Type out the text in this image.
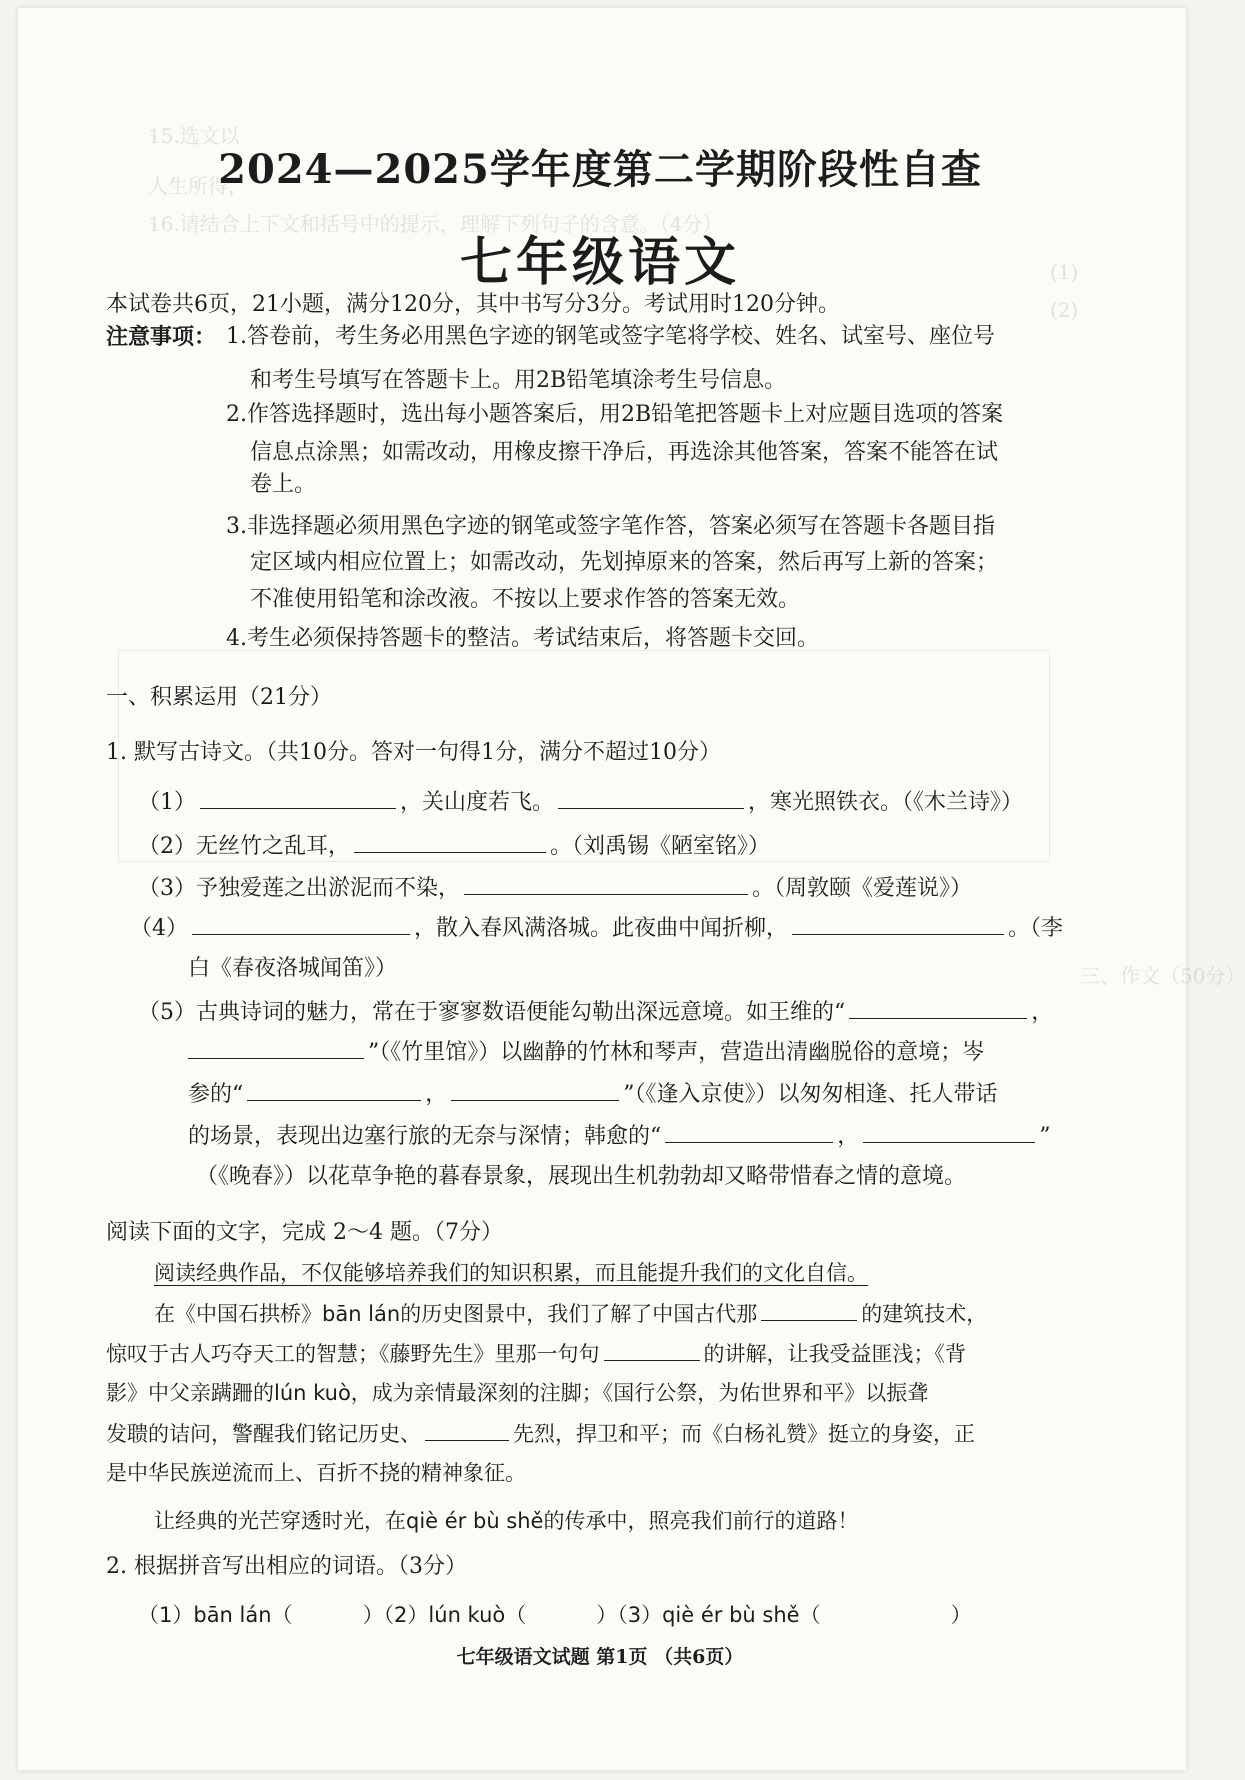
15.选文以
人生所得，
16.请结合上下文和括号中的提示，理解下列句子的含意。（4分）
(1)
(2)
三、作文（50分）
2024—2025学年度第二学期阶段性自查
七年级语文
本试卷共6页，21小题，满分120分，其中书写分3分。考试用时120分钟。
注意事项： 1.答卷前，考生务必用黑色字迹的钢笔或签字笔将学校、姓名、试室号、座位号
和考生号填写在答题卡上。用2B铅笔填涂考生号信息。
2.作答选择题时，选出每小题答案后，用2B铅笔把答题卡上对应题目选项的答案
信息点涂黑；如需改动，用橡皮擦干净后，再选涂其他答案，答案不能答在试
卷上。
3.非选择题必须用黑色字迹的钢笔或签字笔作答，答案必须写在答题卡各题目指
定区域内相应位置上；如需改动，先划掉原来的答案，然后再写上新的答案；
不准使用铅笔和涂改液。不按以上要求作答的答案无效。
4.考生必须保持答题卡的整洁。考试结束后，将答题卡交回。
一、积累运用（21分）
1. 默写古诗文。（共10分。答对一句得1分，满分不超过10分）
（1）	，关山度若飞。	，寒光照铁衣。（《木兰诗》）
（2）无丝竹之乱耳，	。（刘禹锡《陋室铭》）
（3）予独爱莲之出淤泥而不染，	。（周敦颐《爱莲说》）
（4）	，散入春风满洛城。此夜曲中闻折柳，	。（李
白《春夜洛城闻笛》）
（5）古典诗词的魅力，常在于寥寥数语便能勾勒出深远意境。如王维的“	，
”（《竹里馆》）以幽静的竹林和琴声，营造出清幽脱俗的意境；岑
参的“	，	”（《逢入京使》）以匆匆相逢、托人带话
的场景，表现出边塞行旅的无奈与深情；韩愈的“	，	”
（《晚春》）以花草争艳的暮春景象，展现出生机勃勃却又略带惜春之情的意境。
阅读下面的文字，完成 2～4 题。（7分）
阅读经典作品，不仅能够培养我们的知识积累，而且能提升我们的文化自信。
在《中国石拱桥》bān lán的历史图景中，我们了解了中国古代那	的建筑技术，
惊叹于古人巧夺天工的智慧；《藤野先生》里那一句句	的讲解，让我受益匪浅；《背
影》中父亲蹒跚的lún kuò，成为亲情最深刻的注脚；《国行公祭，为佑世界和平》以振聋
发聩的诘问，警醒我们铭记历史、	先烈，捍卫和平；而《白杨礼赞》挺立的身姿，正
是中华民族逆流而上、百折不挠的精神象征。
让经典的光芒穿透时光，在qiè ér bù shě的传承中，照亮我们前行的道路！
2. 根据拼音写出相应的词语。（3分）
（1）bān lán（	）（2）lún kuò（	）（3）qiè ér bù shě（	）
七年级语文试题 第1页 （共6页）
